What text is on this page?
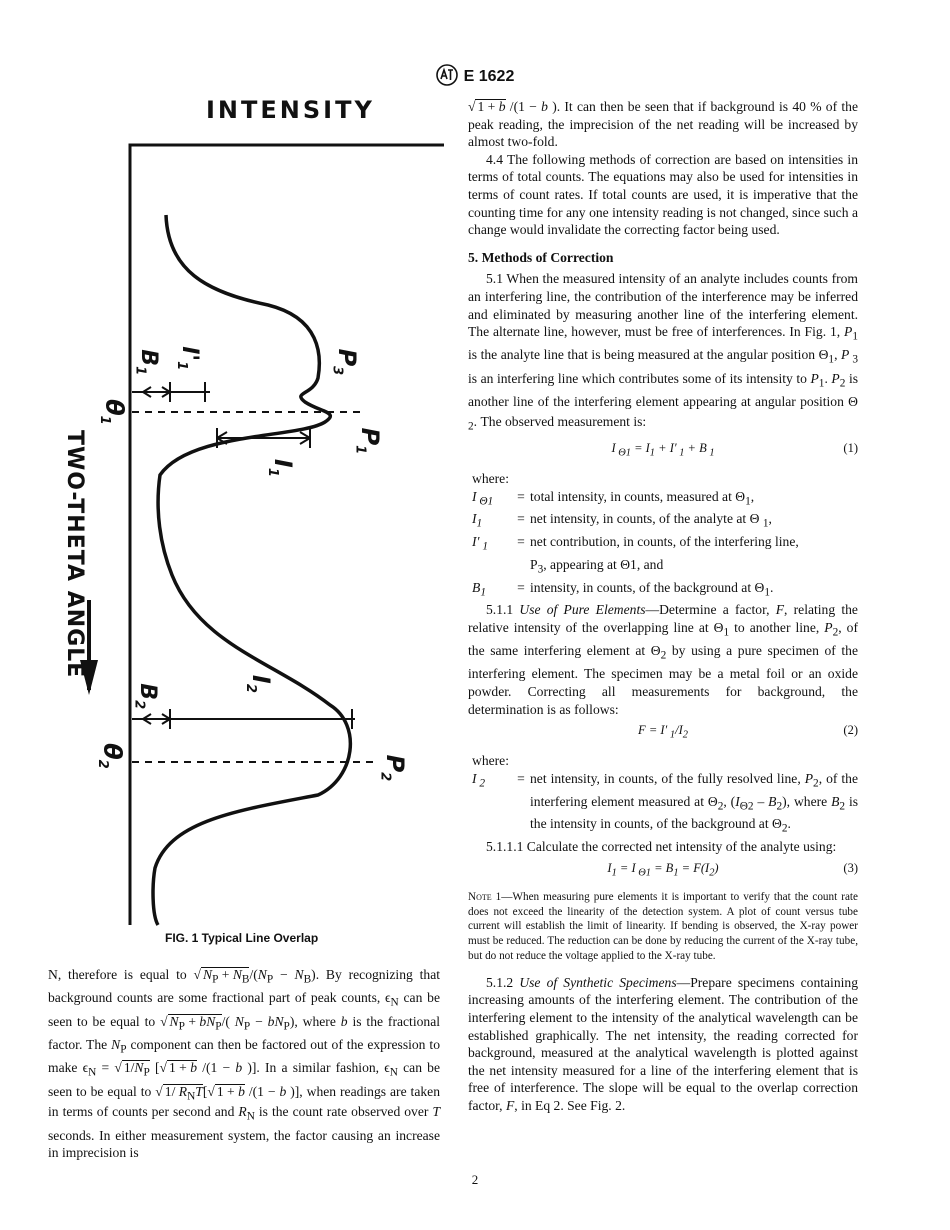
E 1622
INTENSITY
TWO-THETA ANGLE
$B_1$
$I'_1$
$\theta_1$
$P_3$
$P_1$
$I_1$
$I_2$
$B_2$
$\theta_2$	$P_2$
FIG. 1 Typical Line Overlap

N, therefore is equal to √ $N_P + N_B/(N_P - N_B)$. By recognizing that background counts are some fractional part of peak counts, $\epsilon_N$ can be seen to be equal to √ $N_P + bN_P/$( $N_P - bN_P$), where b is the fractional factor. The $N_P$ component can then be factored out of the expression to make $\epsilon_N$ = √ $1/N_P$ [√ 1 + b /(1 − b )]. In a similar fashion, $\epsilon_N$ can be seen to be equal to √ 1/ $R_NT[√$ 1 + b /(1 − b )], when readings are taken in terms of counts per second and $R_N$ is the count rate observed over T seconds. In either measurement system, the factor causing an increase in imprecision is

√ 1 + b /(1 − b ). It can then be seen that if background is 40 % of the peak reading, the imprecision of the net reading will be increased by almost two-fold.

4.4 The following methods of correction are based on intensities in terms of total counts. The equations may also be used for intensities in terms of count rates. If total counts are used, it is imperative that the counting time for any one intensity reading is not changed, since such a change would invalidate the correcting factor being used.

5. Methods of Correction

5.1 When the measured intensity of an analyte includes counts from an interfering line, the contribution of the interference may be inferred and eliminated by measuring another line of the interfering element. The alternate line, however, must be free of interferences. In Fig. 1, $P_1$ is the analyte line that is being measured at the angular position $\Theta_1$, P $_3$ is an interfering line which contributes some of its intensity to $P_1$. $P_2$ is another line of the interfering element appearing at angular position Θ $_2$. The observed measurement is:

I $_{\Theta 1} = I_1 + I'$ $_1$ + B $_1$	(1)

where:

I $_{\Theta 1}$	= total intensity, in counts, measured at $\Theta_1$,
$I_1$	= net intensity, in counts, of the analyte at Θ $_1$,
I′ $_1$	= net contribution, in counts, of the interfering line,
$P_3$, appearing at Θ1, and
$B_1$	= intensity, in counts, of the background at $\Theta_1$.

5.1.1 Use of Pure Elements—Determine a factor, F, relating the relative intensity of the overlapping line at $\Theta_1$ to another line, $P_2$, of the same interfering element at $\Theta_2$ by using a pure specimen of the interfering element. The specimen may be a metal foil or an oxide powder. Correcting all measurements for background, the determination is as follows:

F = I′ $_1/I_2$	(2)

where:

I $_2$	= net intensity, in counts, of the fully resolved line, $P_2$, of the interfering element measured at $\Theta_2$, $(I_{\Theta 2} - B_2)$, where $B_2$ is the intensity in counts, of the background at $\Theta_2$.

5.1.1.1 Calculate the corrected net intensity of the analyte using:

$I_1 = I$ $_{\Theta 1} = B_1 = F(I_2)$	(3)

Note 1—When measuring pure elements it is important to verify that the count rate does not exceed the linearity of the detection system. A plot of count versus tube current will establish the limit of linearity. If bending is observed, the X-ray power must be reduced. The reduction can be done by reducing the current of the X-ray tube, but do not reduce the voltage applied to the X-ray tube.

5.1.2 Use of Synthetic Specimens—Prepare specimens containing increasing amounts of the interfering element. The contribution of the interfering element to the intensity of the analytical wavelength can be established graphically. The net intensity, the reading corrected for background, measured at the analytical wavelength is plotted against the net intensity measured for a line of the interfering element that is free of interference. The slope will be equal to the overlap correction factor, F, in Eq 2. See Fig. 2.

2
